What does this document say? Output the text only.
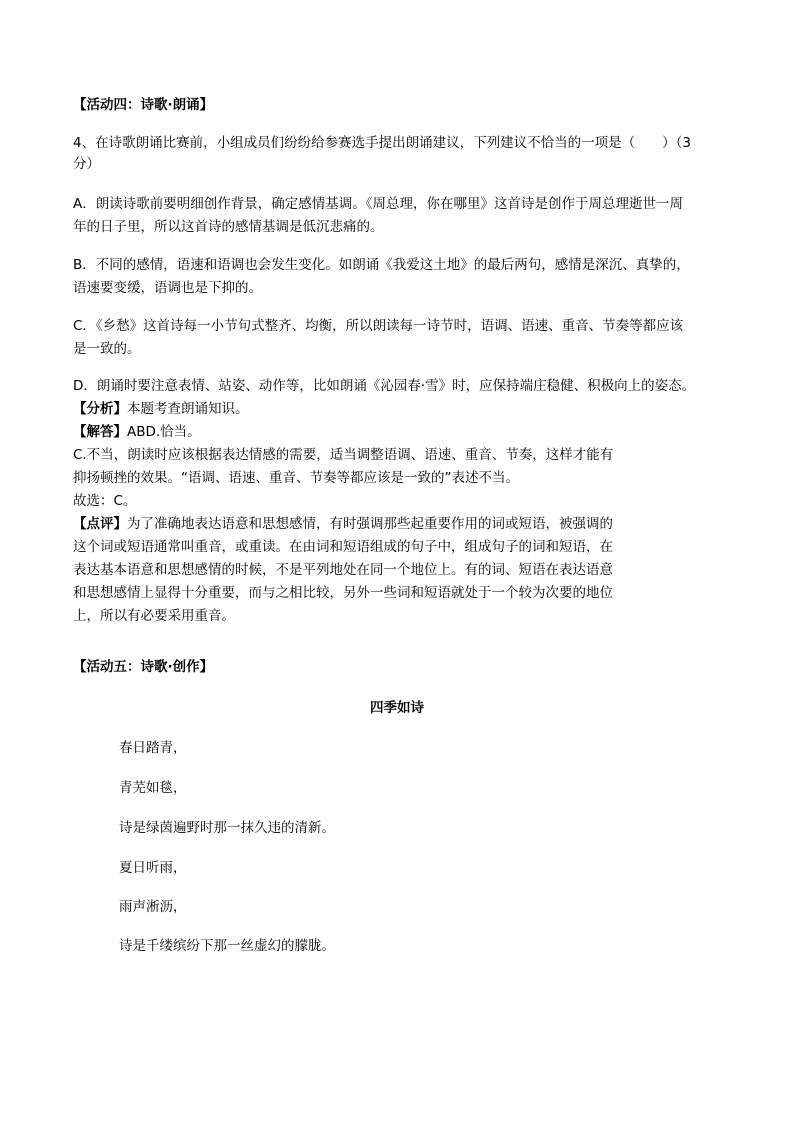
【活动四：诗歌·朗诵】
4、在诗歌朗诵比赛前，小组成员们纷纷给参赛选手提出朗诵建议，下列建议不恰当的一项是（　　）（3
分）
A．朗读诗歌前要明细创作背景，确定感情基调。《周总理，你在哪里》这首诗是创作于周总理逝世一周
年的日子里，所以这首诗的感情基调是低沉悲痛的。
B．不同的感情，语速和语调也会发生变化。如朗诵《我爱这土地》的最后两句，感情是深沉、真挚的，
语速要变缓，语调也是下抑的。
C．《乡愁》这首诗每一小节句式整齐、均衡，所以朗读每一诗节时，语调、语速、重音、节奏等都应该
是一致的。
D．朗诵时要注意表情、站姿、动作等，比如朗诵《沁园春·雪》时，应保持端庄稳健、积极向上的姿态。
【分析】本题考查朗诵知识。
【解答】ABD.恰当。
C.不当，朗读时应该根据表达情感的需要，适当调整语调、语速、重音、节奏，这样才能有
抑扬顿挫的效果。“语调、语速、重音、节奏等都应该是一致的”表述不当。
故选：C。
【点评】为了准确地表达语意和思想感情，有时强调那些起重要作用的词或短语，被强调的
这个词或短语通常叫重音，或重读。在由词和短语组成的句子中，组成句子的词和短语，在
表达基本语意和思想感情的时候，不是平列地处在同一个地位上。有的词、短语在表达语意
和思想感情上显得十分重要，而与之相比较，另外一些词和短语就处于一个较为次要的地位
上，所以有必要采用重音。
【活动五：诗歌·创作】
四季如诗
春日踏青，
青芜如毯，
诗是绿茵遍野时那一抹久违的清新。
夏日听雨，
雨声淅沥，
诗是千缕缤纷下那一丝虚幻的朦胧。
